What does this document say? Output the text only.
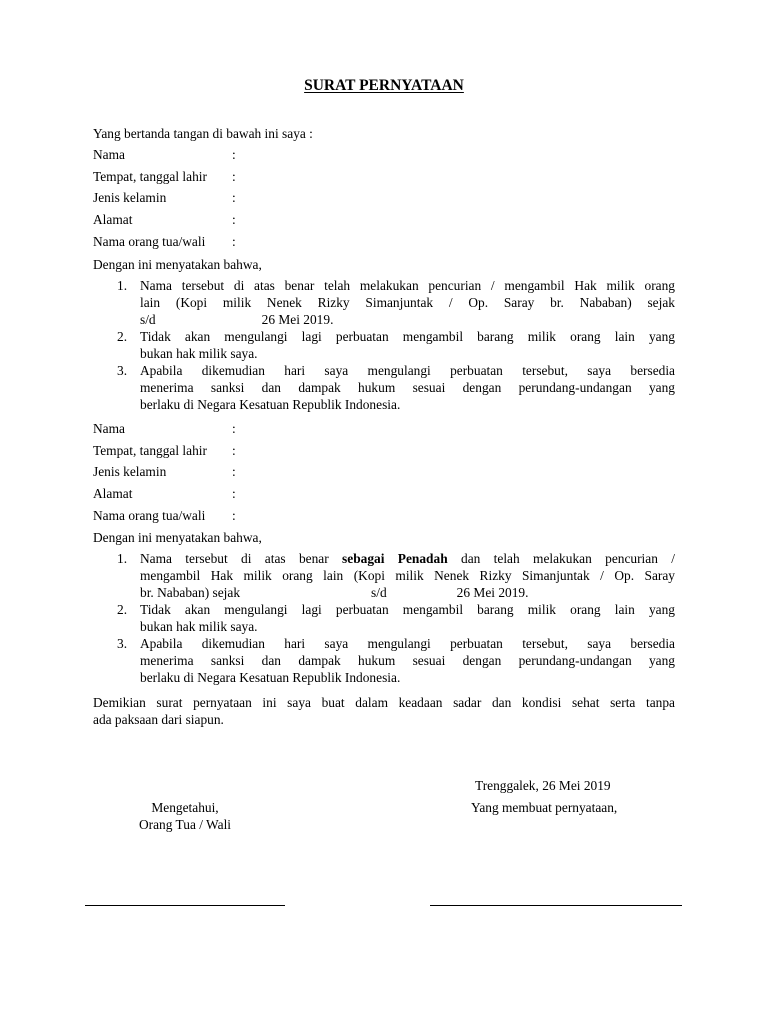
SURAT PERNYATAAN
Yang bertanda tangan di bawah ini saya :
Nama	:
Tempat, tanggal lahir :
Jenis kelamin	:
Alamat	:
Nama orang tua/wali :
Dengan ini menyatakan bahwa,
1. Nama tersebut di atas benar telah melakukan pencurian / mengambil Hak milik orang
lain (Kopi milik Nenek Rizky Simanjuntak / Op. Saray br. Nababan) sejak
s/d	26 Mei 2019.
2. Tidak akan mengulangi lagi perbuatan mengambil barang milik orang lain yang
bukan hak milik saya.
3. Apabila dikemudian hari saya mengulangi perbuatan tersebut, saya bersedia
menerima sanksi dan dampak hukum sesuai dengan perundang-undangan yang
berlaku di Negara Kesatuan Republik Indonesia.
Nama	:
Tempat, tanggal lahir :
Jenis kelamin	:
Alamat	:
Nama orang tua/wali :
Dengan ini menyatakan bahwa,
1. Nama tersebut di atas benar sebagai Penadah dan telah melakukan pencurian /
mengambil Hak milik orang lain (Kopi milik Nenek Rizky Simanjuntak / Op. Saray
br. Nababan) sejak	s/d	26 Mei 2019.
2. Tidak akan mengulangi lagi perbuatan mengambil barang milik orang lain yang
bukan hak milik saya.
3. Apabila dikemudian hari saya mengulangi perbuatan tersebut, saya bersedia
menerima sanksi dan dampak hukum sesuai dengan perundang-undangan yang
berlaku di Negara Kesatuan Republik Indonesia.
Demikian surat pernyataan ini saya buat dalam keadaan sadar dan kondisi sehat serta tanpa
ada paksaan dari siapun.
Trenggalek, 26 Mei 2019
Mengetahui,
Orang Tua / Wali
Yang membuat pernyataan,
